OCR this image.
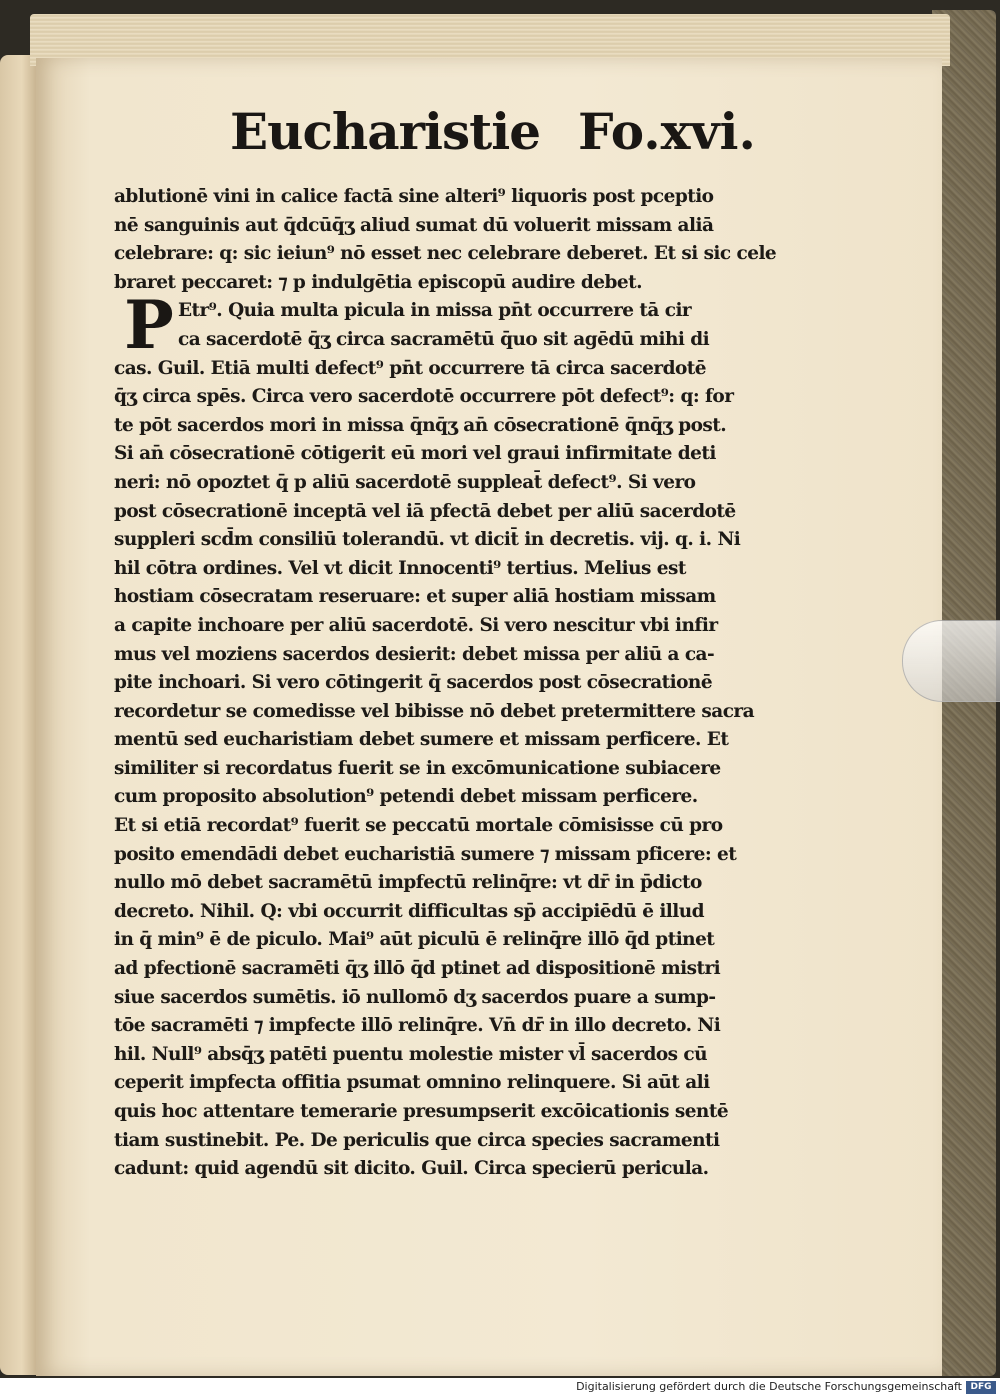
Eucharistie Fo.xvi.
P
ablutionē vini in calice factā sine alteri⁹ liquoris post pceptio
nē sanguinis aut q̄dcūq̄ʒ aliud sumat dū voluerit missam aliā
celebrare: q: sic ieiun⁹ nō esset nec celebrare deberet. Et si sic cele
braret peccaret: ⁊ p indulgētia episcopū audire debet.
Etr⁹. Quia multa picula in missa pn̄t occurrere tā cir
ca sacerdotē q̄ʒ circa sacramētū q̄uo sit agēdū mihi di
cas. Guil. Etiā multi defect⁹ pn̄t occurrere tā circa sacerdotē
q̄ʒ circa spēs. Circa vero sacerdotē occurrere pōt defect⁹: q: for
te pōt sacerdos mori in missa q̄nq̄ʒ an̄ cōsecrationē q̄nq̄ʒ post.
Si an̄ cōsecrationē cōtigerit eū mori vel graui infirmitate deti
neri: nō opoztet q̄ p aliū sacerdotē suppleat̄ defect⁹. Si vero
post cōsecrationē inceptā vel iā pfectā debet per aliū sacerdotē
suppleri scd̄m consiliū tolerandū. vt dicit̄ in decretis. vij. q. i. Ni
hil cōtra ordines. Vel vt dicit Innocenti⁹ tertius. Melius est
hostiam cōsecratam reseruare: et super aliā hostiam missam
a capite inchoare per aliū sacerdotē. Si vero nescitur vbi infir
mus vel moziens sacerdos desierit: debet missa per aliū a ca-
pite inchoari. Si vero cōtingerit q̄ sacerdos post cōsecrationē
recordetur se comedisse vel bibisse nō debet pretermittere sacra
mentū sed eucharistiam debet sumere et missam perficere. Et
similiter si recordatus fuerit se in excōmunicatione subiacere
cum proposito absolution⁹ petendi debet missam perficere.
Et si etiā recordat⁹ fuerit se peccatū mortale cōmisisse cū pro
posito emendādi debet eucharistiā sumere ⁊ missam pficere: et
nullo mō debet sacramētū impfectū relinq̄re: vt dr̄ in p̄dicto
decreto. Nihil. Q: vbi occurrit difficultas sp̄ accipiēdū ē illud
in q̄ min⁹ ē de piculo. Mai⁹ aūt piculū ē relinq̄re illō q̄d ptinet
ad pfectionē sacramēti q̄ʒ illō q̄d ptinet ad dispositionē mistri
siue sacerdos sumētis. iō nullomō dʒ sacerdos puare a sump-
tōe sacramēti ⁊ impfecte illō relinq̄re. Vn̄ dr̄ in illo decreto. Ni
hil. Null⁹ absq̄ʒ patēti puentu molestie mister vl̄ sacerdos cū
ceperit impfecta offitia psumat omnino relinquere. Si aūt ali
quis hoc attentare temerarie presumpserit excōicationis sentē
tiam sustinebit. Pe. De periculis que circa species sacramenti
cadunt: quid agendū sit dicito. Guil. Circa specierū pericula.
Digitalisierung gefördert durch die Deutsche Forschungsgemeinschaft DFG
